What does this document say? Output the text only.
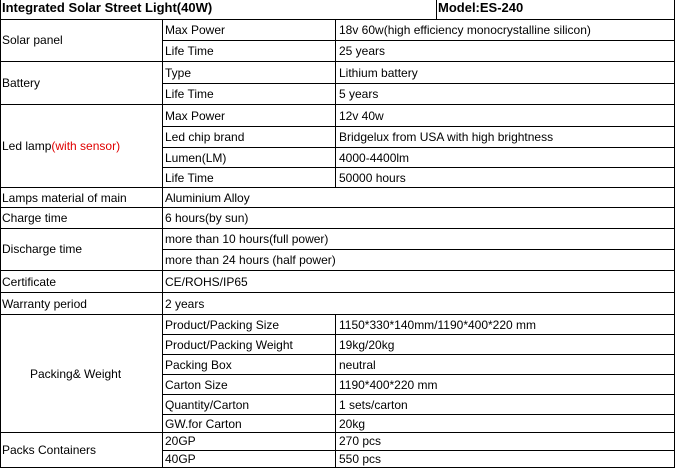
Integrated Solar Street Light(40W)	Model:ES-240
Solar panel
Max Power	18v 60w(high efficiency monocrystalline silicon)
Life Time	25 years
Battery
Type	Lithium battery
Life Time	5 years
Led lamp(with sensor)
Max Power	12v 40w
Led chip brand	Bridgelux from USA with high brightness
Lumen(LM)	4000-4400lm
Life Time	50000 hours
Lamps material of main	Aluminium Alloy
Charge time	6 hours(by sun)
Discharge time
more than 10 hours(full power)
more than 24 hours (half power)
Certificate	CE/ROHS/IP65
Warranty period	2 years
Packing& Weight
Product/Packing Size	1150*330*140mm/1190*400*220 mm
Product/Packing Weight	19kg/20kg
Packing Box	neutral
Carton Size	1190*400*220 mm
Quantity/Carton	1 sets/carton
GW.for Carton	20kg
Packs Containers
20GP	270 pcs
40GP	550 pcs
